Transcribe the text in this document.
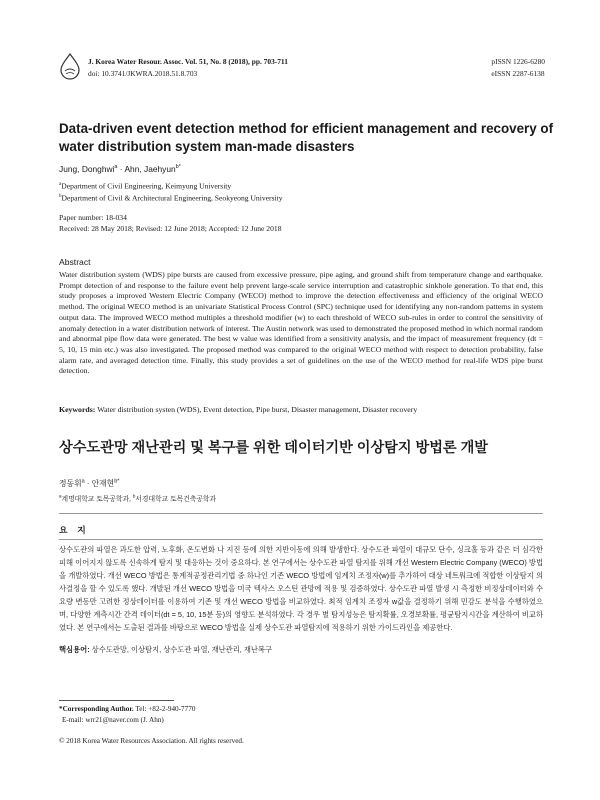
J. Korea Water Resour. Assoc. Vol. 51, No. 8 (2018), pp. 703-711
doi: 10.3741/JKWRA.2018.51.8.703
pISSN 1226-6280
eISSN 2287-6138
Data-driven event detection method for efficient management and recovery of water distribution system man-made disasters
Jung, Donghwi$^a$ · Ahn, Jaehyun$^{b*}$
$^a$Department of Civil Engineering, Keimyung University
$^b$Department of Civil & Architectural Engineering, Seokyeong University
Paper number: 18-034
Received: 28 May 2018; Revised: 12 June 2018; Accepted: 12 June 2018
Abstract
Water distribution system (WDS) pipe bursts are caused from excessive pressure, pipe aging, and ground shift from temperature change and earthquake. Prompt detection of and response to the failure event help prevent large-scale service interruption and catastrophic sinkhole generation. To that end, this study proposes a improved Western Electric Company (WECO) method to improve the detection effectiveness and efficiency of the original WECO method. The original WECO method is an univariate Statistical Process Control (SPC) technique used for identifying any non-random patterns in system output data. The improved WECO method multiples a threshold modifier (w) to each threshold of WECO sub-rules in order to control the sensitivity of anomaly detection in a water distribution network of interest. The Austin network was used to demonstrated the proposed method in which normal random and abnormal pipe flow data were generated. The best w value was identified from a sensitivity analysis, and the impact of measurement frequency (dt = 5, 10, 15 min etc.) was also investigated. The proposed method was compared to the original WECO method with respect to detection probability, false alarm rate, and averaged detection time. Finally, this study provides a set of guidelines on the use of the WECO method for real-life WDS pipe burst detection.
Keywords: Water distribution systen (WDS), Event detection, Pipe burst, Disaster management, Disaster recovery
상수도관망 재난관리 및 복구를 위한 데이터기반 이상탐지 방법론 개발
정동휘$^a$ · 안재현$^{b*}$
$^a$계명대학교 토목공학과, $^b$서경대학교 토목건축공학과
요    지
상수도관의 파열은 과도한 압력, 노후화, 온도변화 나 지진 등에 의한 지반이동에 의해 발생한다. 상수도관 파열이 대규모 단수, 싱크홀 등과 같은 더 심각한 피해 이어지지 않도록 신속하게 탐지 및 대응하는 것이 중요하다. 본 연구에서는 상수도관 파열 탐지를 위해 개선 Western Electric Company (WECO) 방법을 개발하였다. 개선 WECO 방법은 통계적공정관리기법 중 하나인 기존 WECO 방법에 임계치 조정자(w)를 추가하여 대상 네트워크에 적합한 이상탐지 의사결정을 할 수 있도록 했다. 개발된 개선 WECO 방법을 미국 텍사스 오스틴 관망에 적용 및 검증하였다. 상수도관 파열 발생 시 측정한 비정상데이터와 수요량 변동만 고려한 정상데이터를 이용하여 기존 및 개선 WECO 방법을 비교하였다. 최적 임계치 조정자 w값을 결정하기 위해 민감도 분석을 수행하였으며, 다양한 계측시간 간격 데이터(dt = 5, 10, 15분 등)의 영향도 분석하였다. 각 경우 별 탐지성능은 탐지확률, 오경보확률, 평균탐지시간을 계산하여 비교하였다. 본 연구에서는 도출된 결과를 바탕으로 WECO 방법을 실제 상수도관 파열탐지에 적용하기 위한 가이드라인을 제공한다.
핵심용어: 상수도관망, 이상탐지, 상수도관 파열, 재난관리, 재난복구
*Corresponding Author. Tel: +82-2-940-7770
E-mail: wrr21@naver.com (J. Ahn)
© 2018 Korea Water Resources Association. All rights reserved.
